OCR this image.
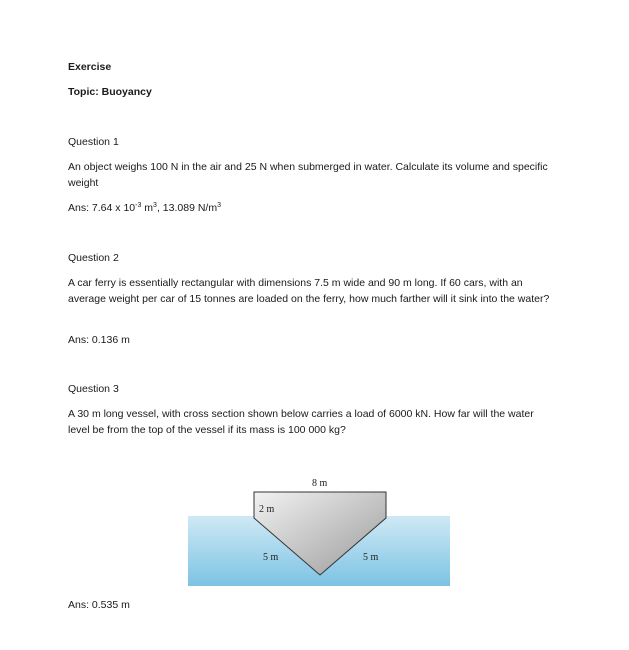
Exercise

Topic: Buoyancy

Question 1

An object weighs 100 N in the air and 25 N when submerged in water. Calculate its volume and specific weight

Ans: 7.64 x $10^{-3}$ $m^3$, 13.089 $N/m^3$

Question 2

A car ferry is essentially rectangular with dimensions 7.5 m wide and 90 m long. If 60 cars, with an average weight per car of 15 tonnes are loaded on the ferry, how much farther will it sink into the water?

Ans: 0.136 m

Question 3

A 30 m long vessel, with cross section shown below carries a load of 6000 kN. How far will the water level be from the top of the vessel if its mass is 100 000 kg?

8 m
2 m
5 m	5 m

Ans: 0.535 m
